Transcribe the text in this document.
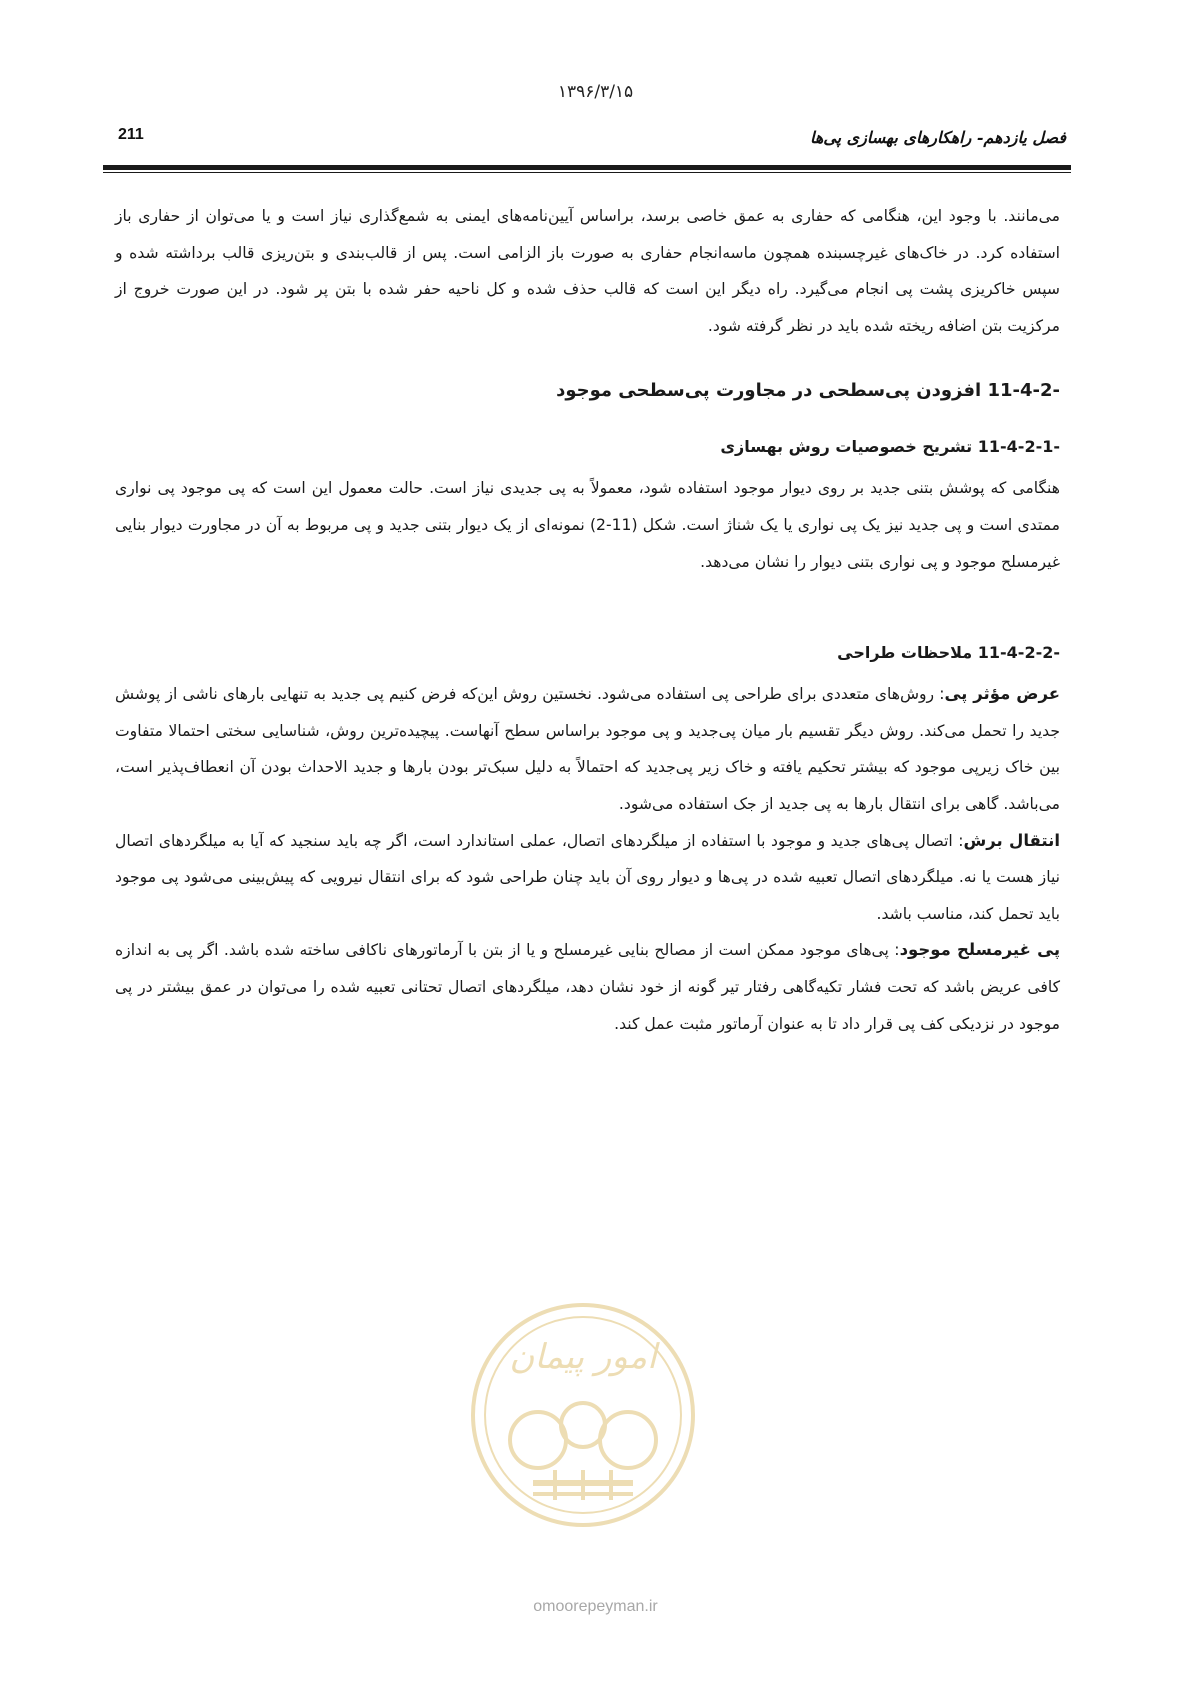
۱۳۹۶/۳/۱۵
فصل یازدهم- راهکارهای بهسازی پی‌ها
211

می‌مانند. با وجود این، هنگامی که حفاری به عمق خاصی برسد، براساس آیین‌نامه‌های ایمنی به شمع‌گذاری نیاز است و یا می‌توان از حفاری باز استفاده کرد. در خاک‌های غیرچسبنده همچون ماسه‌انجام حفاری به صورت باز الزامی است. پس از قالب‌بندی و بتن‌ریزی قالب برداشته شده و سپس خاکریزی پشت پی انجام می‌گیرد. راه دیگر این است که قالب حذف شده و کل ناحیه حفر شده با بتن پر شود. در این صورت خروج از مرکزیت بتن اضافه ریخته شده باید در نظر گرفته شود.

11-4-2- افزودن پی‌سطحی در مجاورت پی‌سطحی موجود
11-4-2-1- تشریح خصوصیات روش بهسازی

هنگامی که پوشش بتنی جدید بر روی دیوار موجود استفاده شود، معمولاً به پی جدیدی نیاز است. حالت معمول این است که پی موجود پی نواری ممتدی است و پی جدید نیز یک پی نواری یا یک شناژ است. شکل (11-2) نمونه‌ای از یک دیوار بتنی جدید و پی مربوط به آن در مجاورت دیوار بنایی غیرمسلح موجود و پی نواری بتنی دیوار را نشان می‌دهد.

11-4-2-2- ملاحظات طراحی

عرض مؤثر پی: روش‌های متعددی برای طراحی پی استفاده می‌شود. نخستین روش این‌که فرض کنیم پی جدید به تنهایی بارهای ناشی از پوشش جدید را تحمل می‌کند. روش دیگر تقسیم بار میان پی‌جدید و پی موجود براساس سطح آنهاست. پیچیده‌ترین روش، شناسایی سختی احتمالا متفاوت بین خاک زیرپی موجود که بیشتر تحکیم یافته و خاک زیر پی‌جدید که احتمالاً به دلیل سبک‌تر بودن بارها و جدید الاحداث بودن آن انعطاف‌پذیر است، می‌باشد. گاهی برای انتقال بارها به پی جدید از جک استفاده می‌شود.

انتقال برش: اتصال پی‌های جدید و موجود با استفاده از میلگردهای اتصال، عملی استاندارد است، اگر چه باید سنجید که آیا به میلگردهای اتصال نیاز هست یا نه. میلگردهای اتصال تعبیه شده در پی‌ها و دیوار روی آن باید چنان طراحی شود که برای انتقال نیرویی که پیش‌بینی می‌شود پی موجود باید تحمل کند، مناسب باشد.

پی غیرمسلح موجود: پی‌های موجود ممکن است از مصالح بنایی غیرمسلح و یا از بتن با آرماتورهای ناکافی ساخته شده باشد. اگر پی به اندازه کافی عریض باشد که تحت فشار تکیه‌گاهی رفتار تیر گونه از خود نشان دهد، میلگردهای اتصال تحتانی تعبیه شده را می‌توان در عمق بیشتر در پی موجود در نزدیکی کف پی قرار داد تا به عنوان آرماتور مثبت عمل کند.

امور پیمان
omoorepeyman.ir
